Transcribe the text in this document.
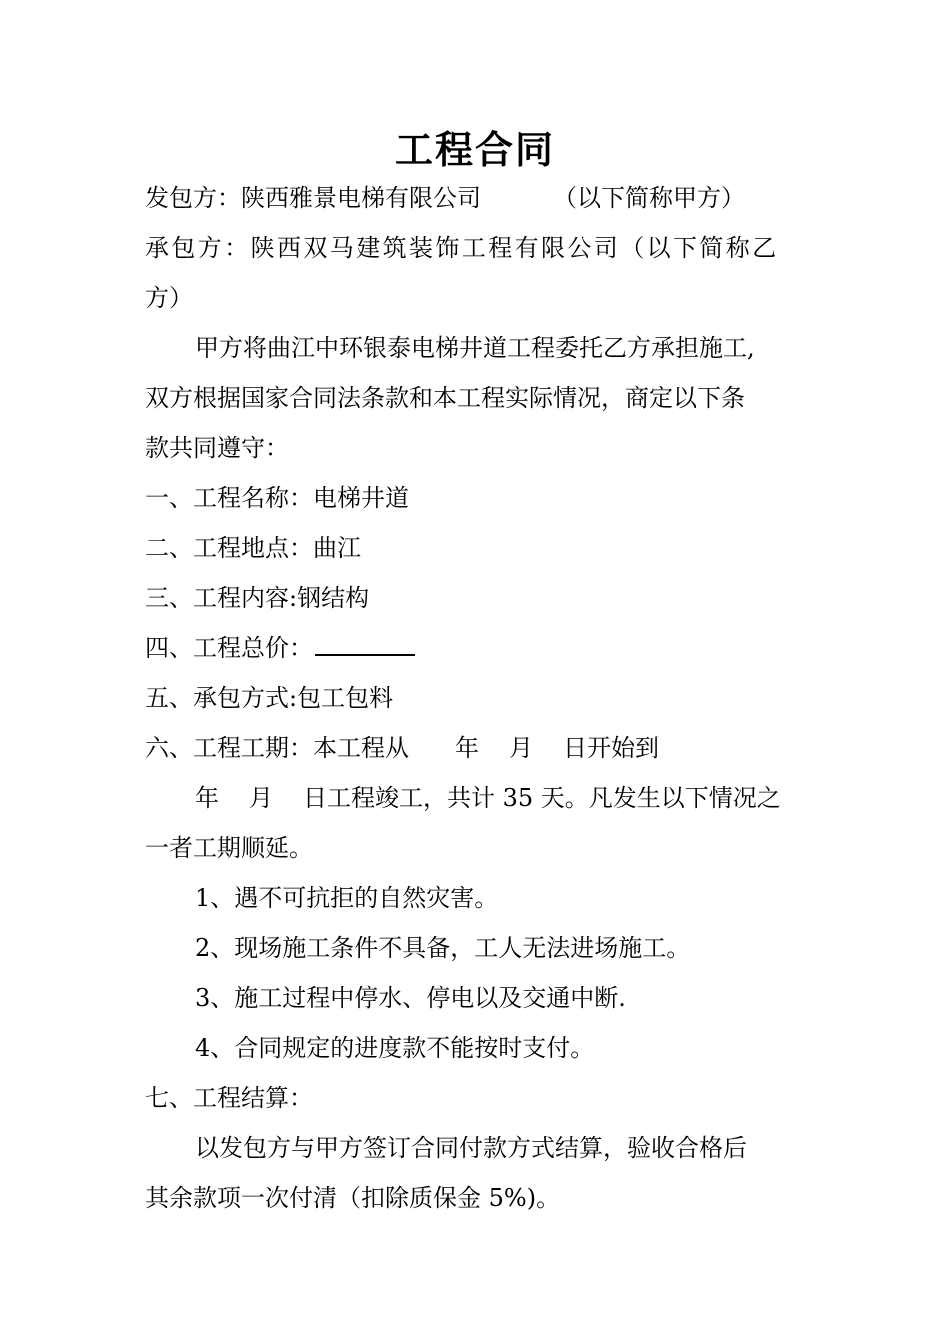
工程合同
发包方：陕西雅景电梯有限公司	（以下简称甲方）
承包方：陕西双马建筑装饰工程有限公司（以下简称乙
方）
甲方将曲江中环银泰电梯井道工程委托乙方承担施工,
双方根据国家合同法条款和本工程实际情况，商定以下条
款共同遵守：
一、工程名称：电梯井道
二、工程地点：曲江
三、工程内容:钢结构
四、工程总价：
五、承包方式:包工包料
六、工程工期：本工程从 年 月 日开始到
年 月 日工程竣工，共计 35 天。凡发生以下情况之
一者工期顺延。
1、遇不可抗拒的自然灾害。
2、现场施工条件不具备，工人无法进场施工。
3、施工过程中停水、停电以及交通中断.
4、合同规定的进度款不能按时支付。
七、工程结算：
以发包方与甲方签订合同付款方式结算，验收合格后
其余款项一次付清（扣除质保金 5%)。
